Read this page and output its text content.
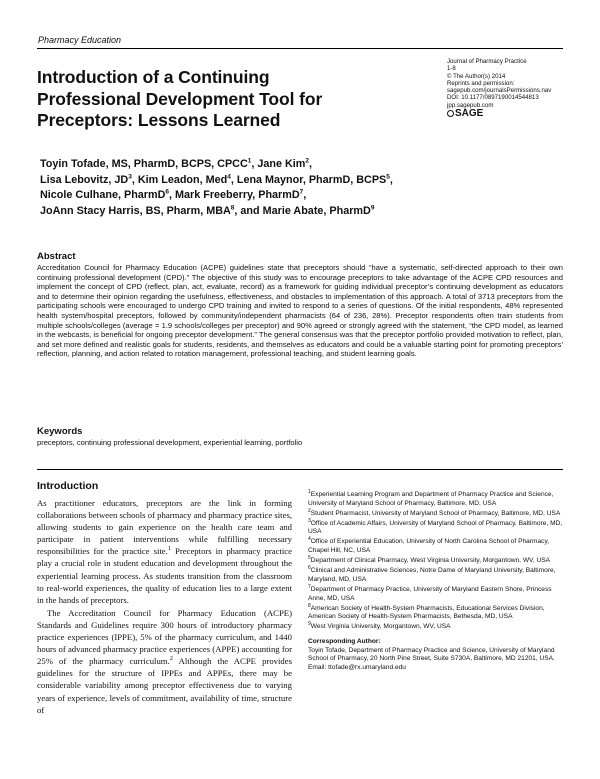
Pharmacy Education
Introduction of a Continuing Professional Development Tool for Preceptors: Lessons Learned
Journal of Pharmacy Practice
1-8
© The Author(s) 2014
Reprints and permission:
sagepub.com/journalsPermissions.nav
DOI: 10.1177/0897190014544813
jpp.sagepub.com
SAGE
Toyin Tofade, MS, PharmD, BCPS, CPCC$^1$, Jane Kim$^2$,
Lisa Lebovitz, $JD^3$, Kim Leadon, Med$^4$, Lena Maynor, PharmD, BCPS$^5$,
Nicole Culhane, PharmD$^6$, Mark Freeberry, PharmD$^7$,
JoAnn Stacy Harris, BS, Pharm, MBA$^8$, and Marie Abate, PharmD$^9$
Abstract
Accreditation Council for Pharmacy Education (ACPE) guidelines state that preceptors should “have a systematic, self-directed approach to their own continuing professional development (CPD).” The objective of this study was to encourage preceptors to take advantage of the ACPE CPD resources and implement the concept of CPD (reflect, plan, act, evaluate, record) as a framework for guiding individual preceptor’s continuing development as educators and to determine their opinion regarding the usefulness, effectiveness, and obstacles to implementation of this approach. A total of 3713 preceptors from the participating schools were encouraged to undergo CPD training and invited to respond to a series of questions. Of the initial respondents, 48% represented health system/hospital preceptors, followed by community/independent pharmacists (64 of 236, 28%). Preceptor respondents often train students from multiple schools/colleges (average = 1.9 schools/colleges per preceptor) and 90% agreed or strongly agreed with the statement, “the CPD model, as learned in the webcasts, is beneficial for ongoing preceptor development.” The general consensus was that the preceptor portfolio provided motivation to reflect, plan, and set more defined and realistic goals for students, residents, and themselves as educators and could be a valuable starting point for promoting preceptors’ reflection, planning, and action related to rotation management, professional teaching, and student learning goals.
Keywords
preceptors, continuing professional development, experiential learning, portfolio
Introduction

As practitioner educators, preceptors are the link in forming collaborations between schools of pharmacy and pharmacy practice sites, allowing students to gain experience on the health care team and participate in patient interventions while fulfilling necessary responsibilities for the practice site.$^1$ Preceptors in pharmacy practice play a crucial role in student education and development throughout the experiential learning process. As students transition from the classroom to real-world experiences, the quality of education lies to a large extent in the hands of preceptors.

The Accreditation Council for Pharmacy Education (ACPE) Standards and Guidelines require 300 hours of introductory pharmacy practice experiences (IPPE), 5% of the pharmacy curriculum, and 1440 hours of advanced pharmacy practice experiences (APPE) accounting for 25% of the pharmacy curriculum.$^2$ Although the ACPE provides guidelines for the structure of IPPEs and APPEs, there may be considerable variability among preceptor effectiveness due to varying years of experience, levels of commitment, availability of time, structure of

$^1$Experiential Learning Program and Department of Pharmacy Practice and Science, University of Maryland School of Pharmacy, Baltimore, MD, USA
$^2$Student Pharmacist, University of Maryland School of Pharmacy, Baltimore, MD, USA
$^3$Office of Academic Affairs, University of Maryland School of Pharmacy, Baltimore, MD, USA
$^4$Office of Experiential Education, University of North Carolina School of Pharmacy, Chapel Hill, NC, USA
$^5$Department of Clinical Pharmacy, West Virginia University, Morgantown, WV, USA
$^6$Clinical and Administrative Sciences, Notre Dame of Maryland University, Baltimore, Maryland, MD, USA
$^7$Department of Pharmacy Practice, University of Maryland Eastern Shore, Princess Anne, MD, USA
$^8$American Society of Health-System Pharmacists, Educational Services Division, American Society of Health-System Pharmacists, Bethesda, MD, USA
$^9$West Virginia University, Morgantown, WV, USA
Corresponding Author:
Toyin Tofade, Department of Pharmacy Practice and Science, University of Maryland School of Pharmacy, 20 North Pine Street, Suite S730A, Baltimore, MD 21201, USA.
Email: ttofade@rx.umaryland.edu
